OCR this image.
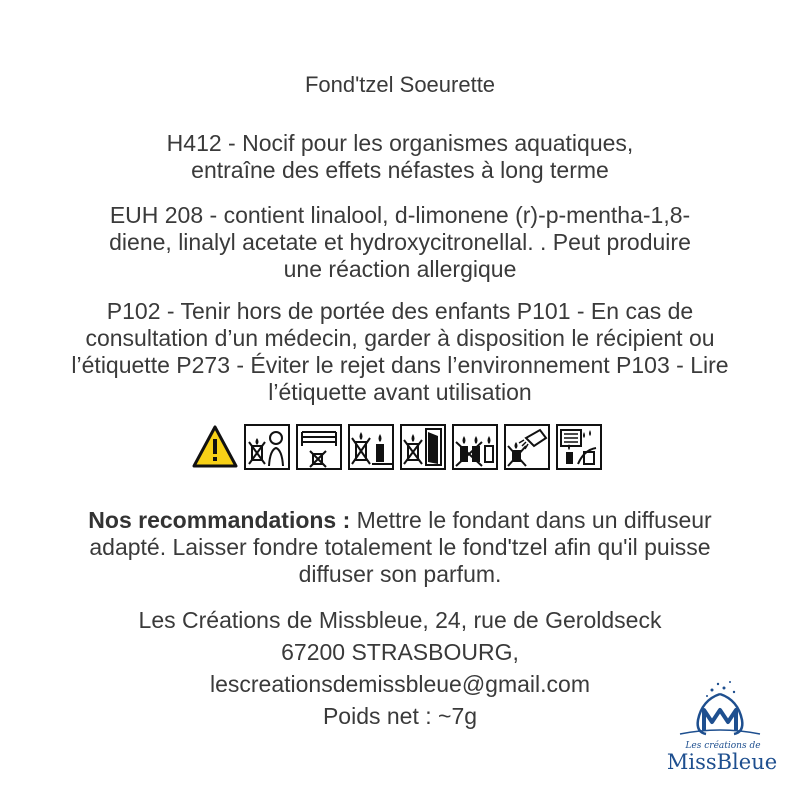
Fond'tzel Soeurette
H412 - Nocif pour les organismes aquatiques,
entraîne des effets néfastes à long terme
EUH 208 - contient linalool, d-limonene (r)-p-mentha-1,8-
diene, linalyl acetate et hydroxycitronellal. . Peut produire
une réaction allergique
P102 - Tenir hors de portée des enfants P101 - En cas de
consultation d’un médecin, garder à disposition le récipient ou
l’étiquette P273 - Éviter le rejet dans l’environnement P103 - Lire
l’étiquette avant utilisation
Nos recommandations : Mettre le fondant dans un diffuseur
adapté. Laisser fondre totalement le fond'tzel afin qu'il puisse
diffuser son parfum.
Les Créations de Missbleue, 24, rue de Geroldseck
67200 STRASBOURG,
lescreationsdemissbleue@gmail.com
Poids net : ~7g
Les créations de
MissBleue
